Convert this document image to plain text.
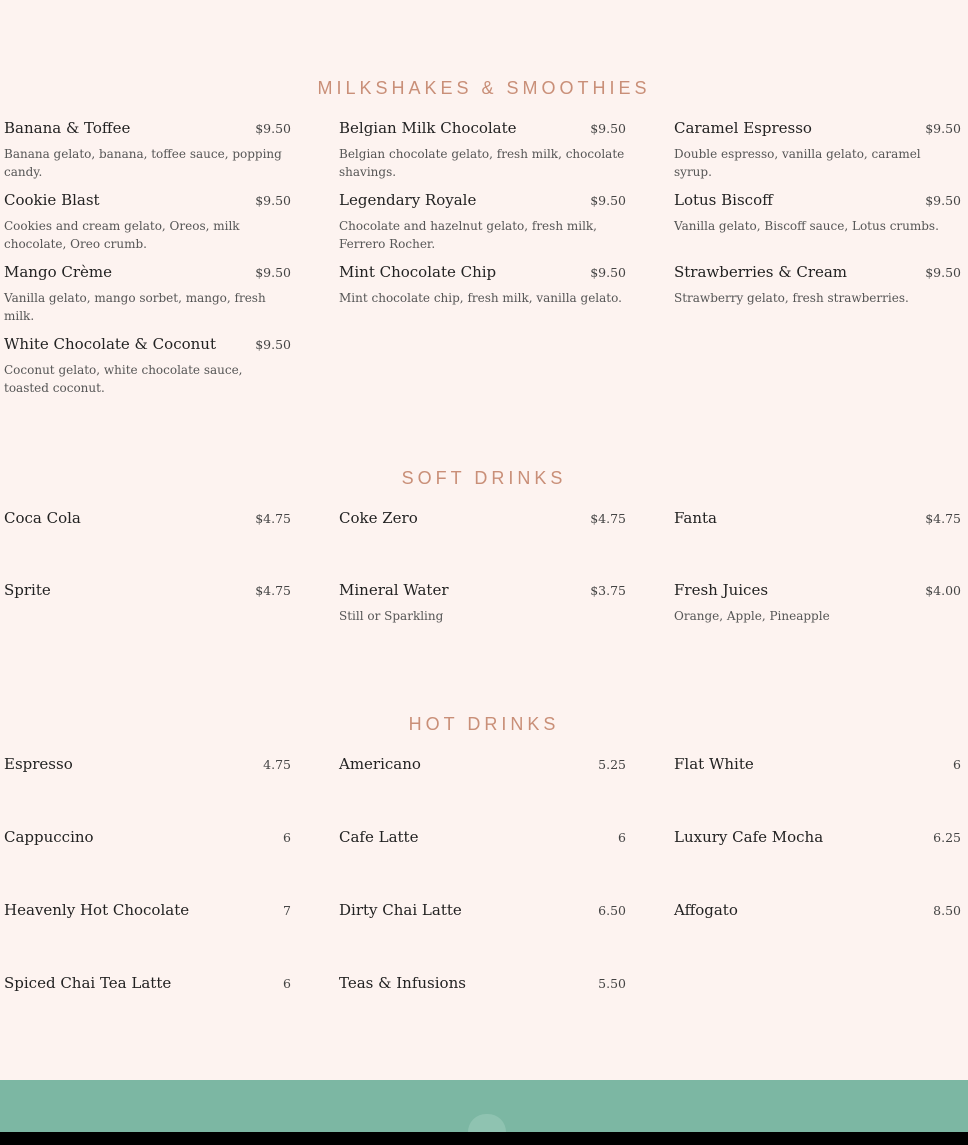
MILKSHAKES & SMOOTHIES
Banana & Toffee	$9.50
Banana gelato, banana, toffee sauce, popping candy.
Belgian Milk Chocolate	$9.50
Belgian chocolate gelato, fresh milk, chocolate shavings.
Caramel Espresso	$9.50
Double espresso, vanilla gelato, caramel syrup.
Cookie Blast	$9.50
Cookies and cream gelato, Oreos, milk chocolate, Oreo crumb.
Legendary Royale	$9.50
Chocolate and hazelnut gelato, fresh milk, Ferrero Rocher.
Lotus Biscoff	$9.50
Vanilla gelato, Biscoff sauce, Lotus crumbs.
Mango Crème	$9.50
Vanilla gelato, mango sorbet, mango, fresh milk.
Mint Chocolate Chip	$9.50
Mint chocolate chip, fresh milk, vanilla gelato.
Strawberries & Cream	$9.50
Strawberry gelato, fresh strawberries.
White Chocolate & Coconut	$9.50
Coconut gelato, white chocolate sauce, toasted coconut.
SOFT DRINKS
Coca Cola	$4.75	Coke Zero	$4.75	Fanta	$4.75
Sprite	$4.75	Mineral Water	$3.75
Still or Sparkling
Fresh Juices	$4.00
Orange, Apple, Pineapple
HOT DRINKS
Espresso	4.75	Americano	5.25	Flat White	6
Cappuccino	6	Cafe Latte	6	Luxury Cafe Mocha	6.25
Heavenly Hot Chocolate	7	Dirty Chai Latte	6.50	Affogato	8.50
Spiced Chai Tea Latte	6	Teas & Infusions	5.50
